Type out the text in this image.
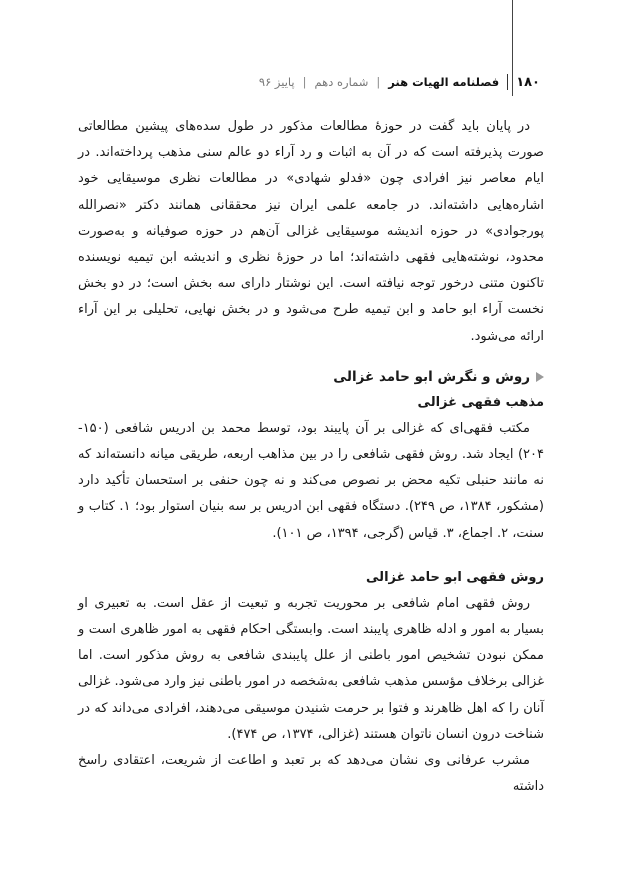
۱۸۰
فصلنامه الهیات هنر
|
شماره دهم
|
پاییز ۹۶

در پایان باید گفت در حوزهٔ مطالعات مذکور در طول سده‌های پیشین مطالعاتی صورت پذیرفته است که در آن به اثبات و رد آراء دو عالم سنی مذهب پرداخته‌اند. در ایام معاصر نیز افرادی چون «فدلو شهادی» در مطالعات نظری موسیقایی خود اشاره‌هایی داشته‌اند. در جامعه علمی ایران نیز محققانی همانند دکتر «نصرالله پورجوادی» در حوزه اندیشه موسیقایی غزالی آن‌هم در حوزه صوفیانه و به‌صورت محدود، نوشته‌هایی فقهی داشته‌اند؛ اما در حوزهٔ نظری و اندیشه ابن تیمیه نویسنده تاکنون متنی درخور توجه نیافته است. این نوشتار دارای سه بخش است؛ در دو بخش نخست آراء ابو حامد و ابن تیمیه طرح می‌شود و در بخش نهایی، تحلیلی بر این آراء ارائه می‌شود.

روش و نگرش ابو حامد غزالی
مذهب فقهی غزالی

مکتب فقهی‌ای که غزالی بر آن پایبند بود، توسط محمد بن ادریس شافعی (۱۵۰- ۲۰۴) ایجاد شد. روش فقهی شافعی را در بین مذاهب اربعه، طریقی میانه دانسته‌اند که نه مانند حنبلی تکیه محض بر نصوص می‌کند و نه چون حنفی بر استحسان تأکید دارد (مشکور، ۱۳۸۴، ص ۲۴۹). دستگاه فقهی ابن ادریس بر سه بنیان استوار بود؛ ۱. کتاب و سنت، ۲. اجماع، ۳. قیاس (گرجی، ۱۳۹۴، ص ۱۰۱).

روش فقهی ابو حامد غزالی

روش فقهی امام شافعی بر محوریت تجربه و تبعیت از عقل است. به تعبیری او بسیار به امور و ادله ظاهری پایبند است. وابستگی احکام فقهی به امور ظاهری است و ممکن نبودن تشخیص امور باطنی از علل پایبندی شافعی به روش مذکور است. اما غزالی برخلاف مؤسس مذهب شافعی به‌شخصه در امور باطنی نیز وارد می‌شود. غزالی آنان را که اهل ظاهرند و فتوا بر حرمت شنیدن موسیقی می‌دهند، افرادی می‌داند که در شناخت درون انسان ناتوان هستند (غزالی، ۱۳۷۴، ص ۴۷۴).

مشرب عرفانی وی نشان می‌دهد که بر تعبد و اطاعت از شریعت، اعتقادی راسخ داشته
